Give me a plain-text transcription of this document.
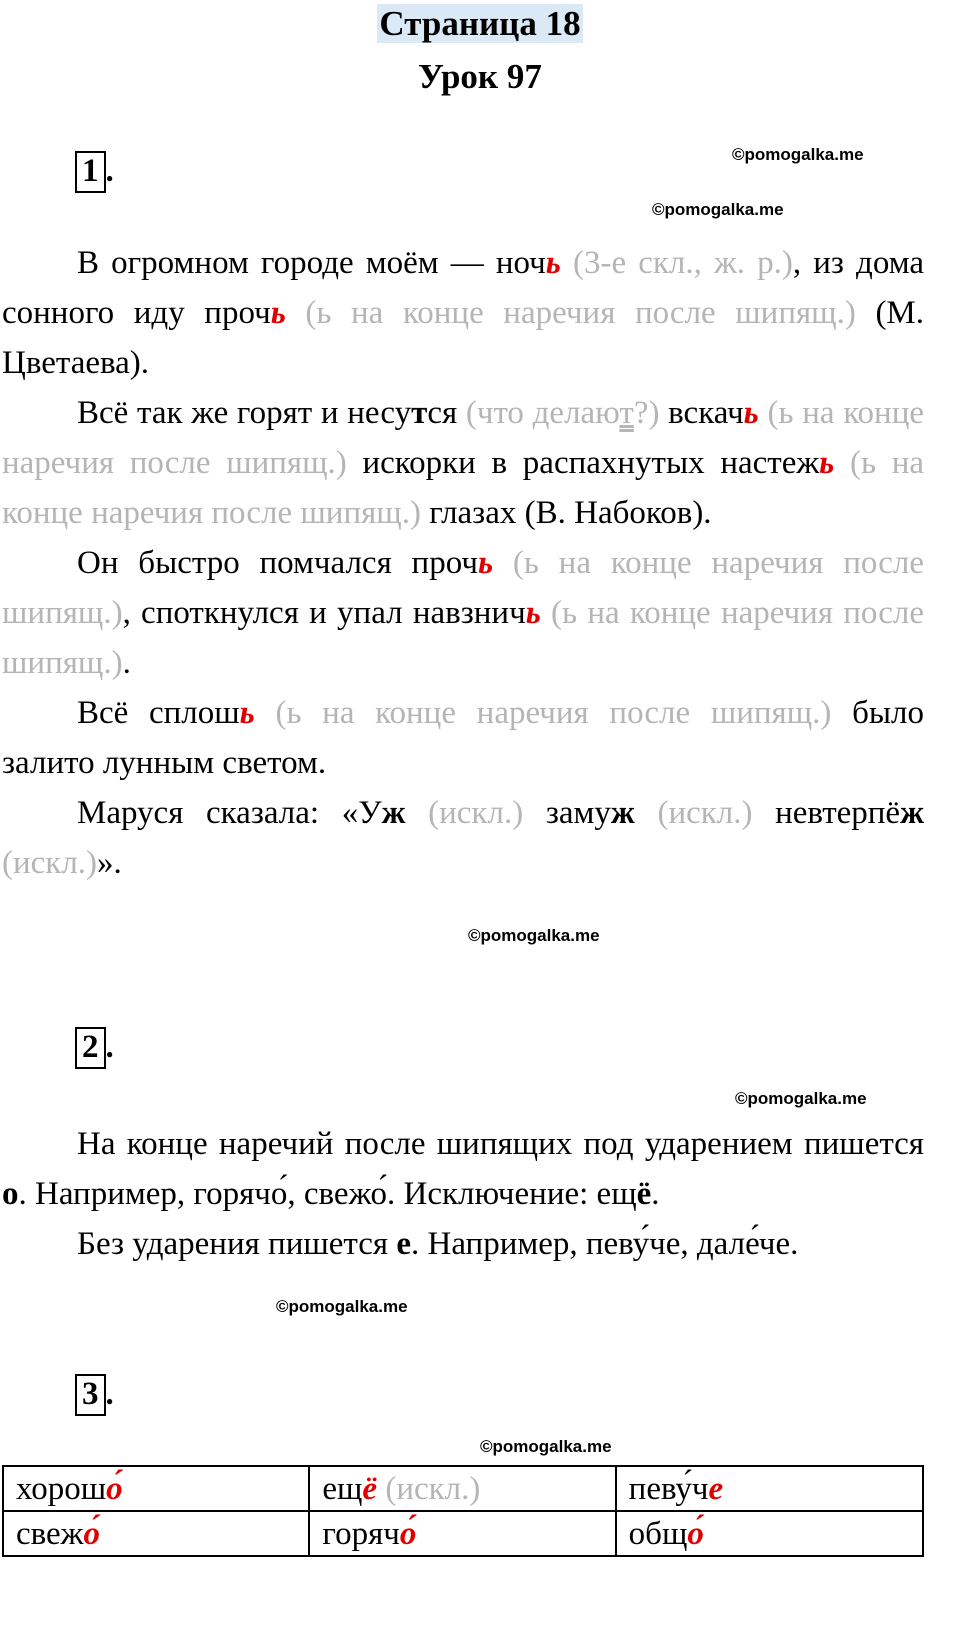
Страница 18
Урок 97
1 .	©pomogalka.me
©pomogalka.me

В огромном городе моём — ночь (3-е скл., ж. р.), из дома сонного иду прочь (ь на конце наречия после шипящ.) (М. Цветаева).

Всё так же горят и несутся (что делают?) вскачь (ь на конце наречия после шипящ.) искорки в распахнутых настежь (ь на конце наречия после шипящ.) глазах (В. Набоков).

Он быстро помчался прочь (ь на конце наречия после шипящ.), споткнулся и упал навзничь (ь на конце наречия после шипящ.).

Всё сплошь (ь на конце наречия после шипящ.) было залито лунным светом.

Маруся сказала: «Уж (искл.) замуж (искл.) невтерпёж (искл.)».

©pomogalka.me
2 .
©pomogalka.me

На конце наречий после шипящих под ударением пишется о. Например, горячо́, свежо́. Исключение: ещё.

Без ударения пишется е. Например, певу́че, дале́че.

©pomogalka.me
3 .
©pomogalka.me
хорошо́	ещё (искл.)	певу́че
свежо́	горячо́	общо́
